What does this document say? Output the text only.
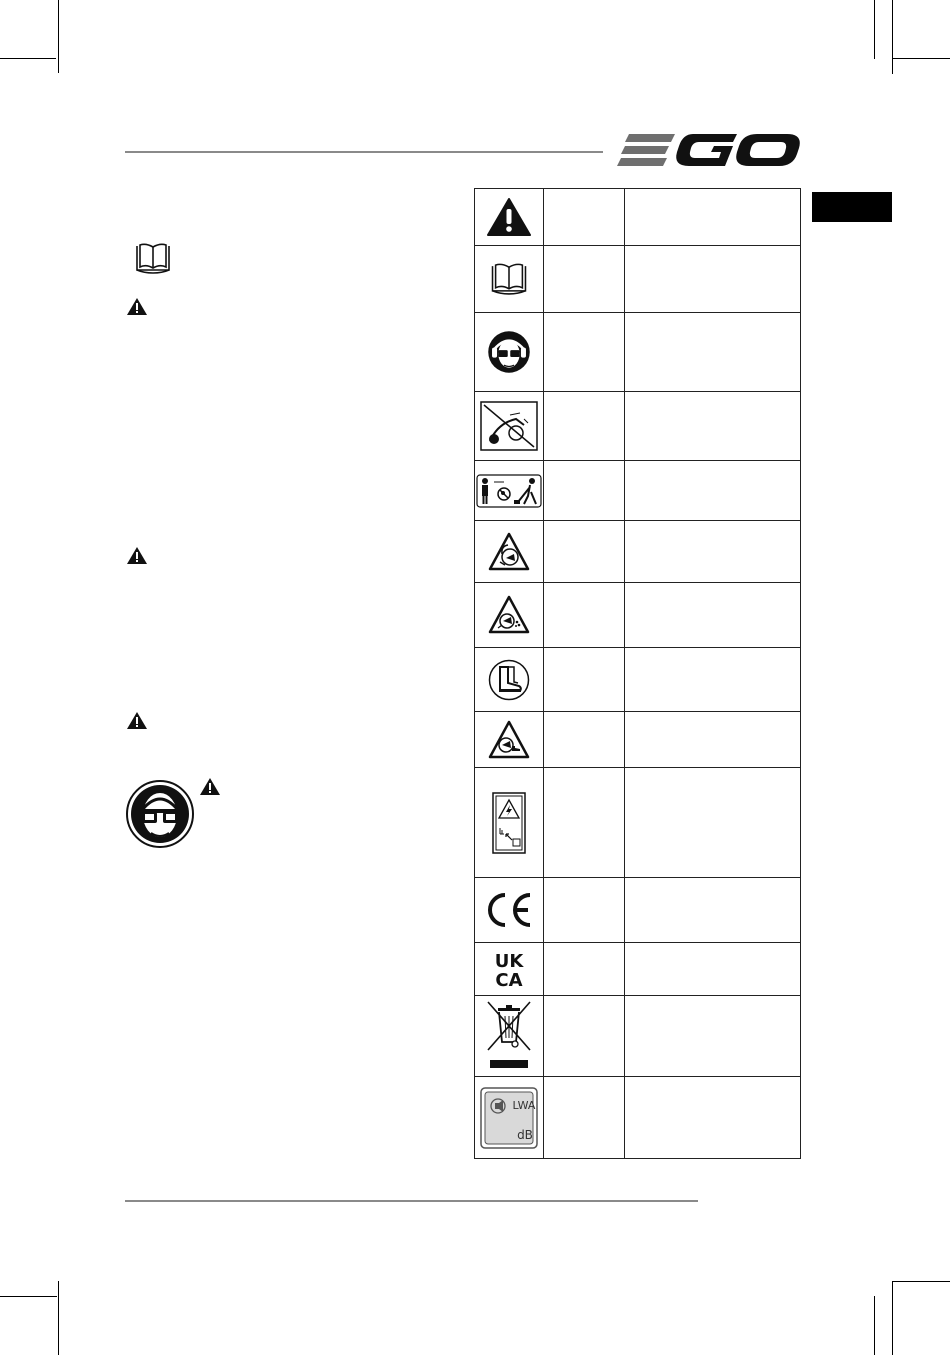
UK
CA		

LWA
dB		
